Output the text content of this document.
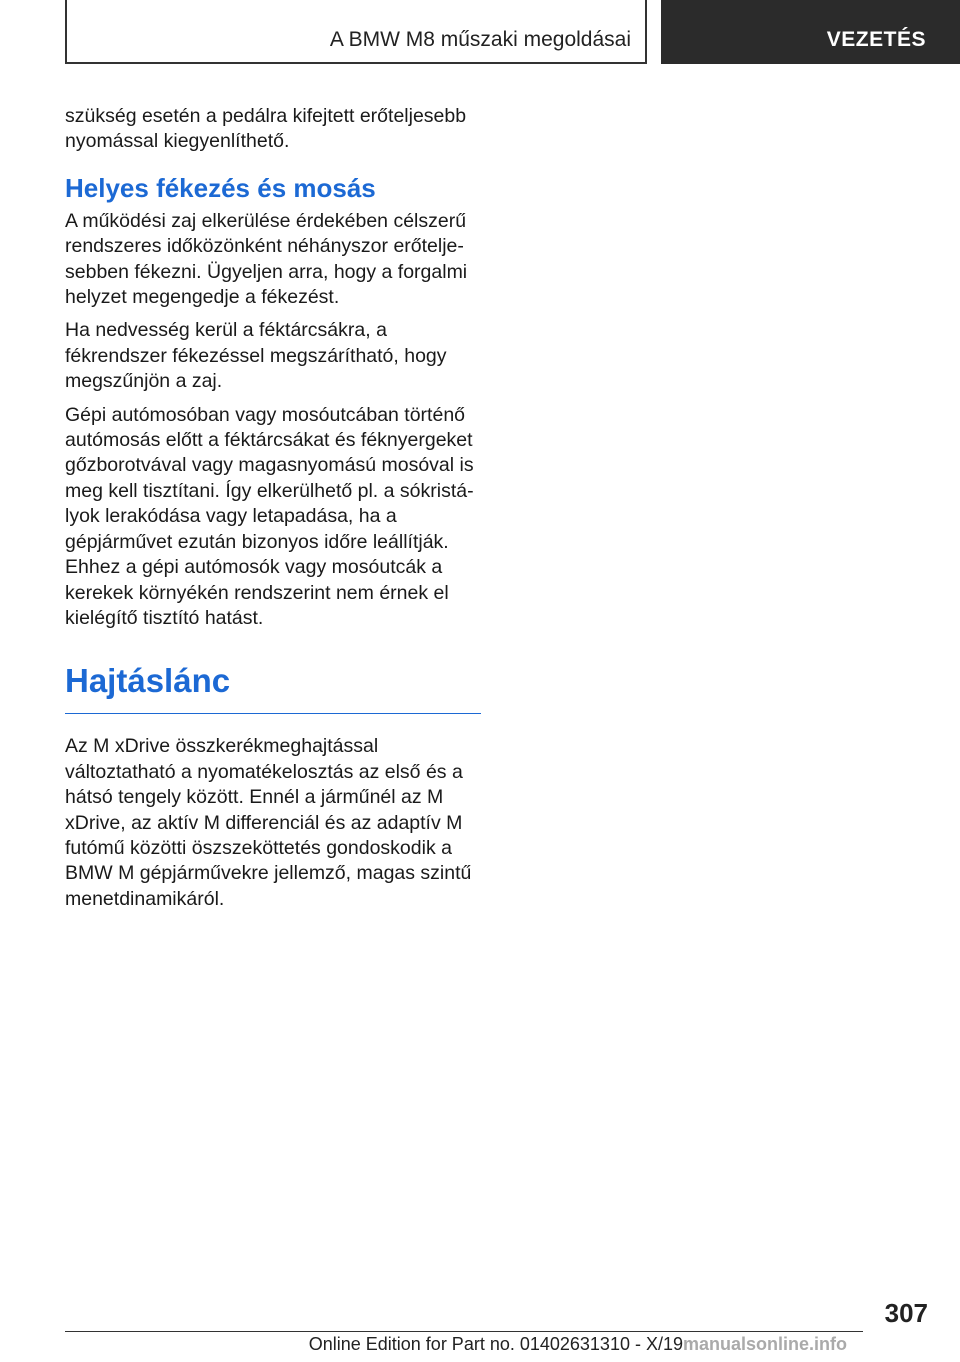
A BMW M8 műszaki megoldásai	VEZETÉS

szükség esetén a pedálra kifejtett erőteljesebb nyomással kiegyenlíthető.

Helyes fékezés és mosás

A működési zaj elkerülése érdekében célszerű rendszeres időközönként néhányszor erőteljesebben fékezni. Ügyeljen arra, hogy a forgalmi helyzet megengedje a fékezést.

Ha nedvesség kerül a féktárcsákra, a fékrendszer fékezéssel megszárítható, hogy megszűnjön a zaj.

Gépi autómosóban vagy mosóutcában történő autómosás előtt a féktárcsákat és féknyergeket gőzborotvával vagy magasnyomású mosóval is meg kell tisztítani. Így elkerülhető pl. a sókristályok lerakódása vagy letapadása, ha a gépjárművet ezután bizonyos időre leállítják. Ehhez a gépi autómosók vagy mosóutcák a kerekek környékén rendszerint nem érnek el kielégítő tisztító hatást.

Hajtáslánc

Az M xDrive összkerékmeghajtással változtatható a nyomatékelosztás az első és a hátsó tengely között. Ennél a járműnél az M xDrive, az aktív M differenciál és az adaptív M futómű közötti öszszeköttetés gondoskodik a BMW M gépjárművekre jellemző, magas szintű menetdinamikáról.

307
Online Edition for Part no. 01402631310 - X/19 manualsonline.info
